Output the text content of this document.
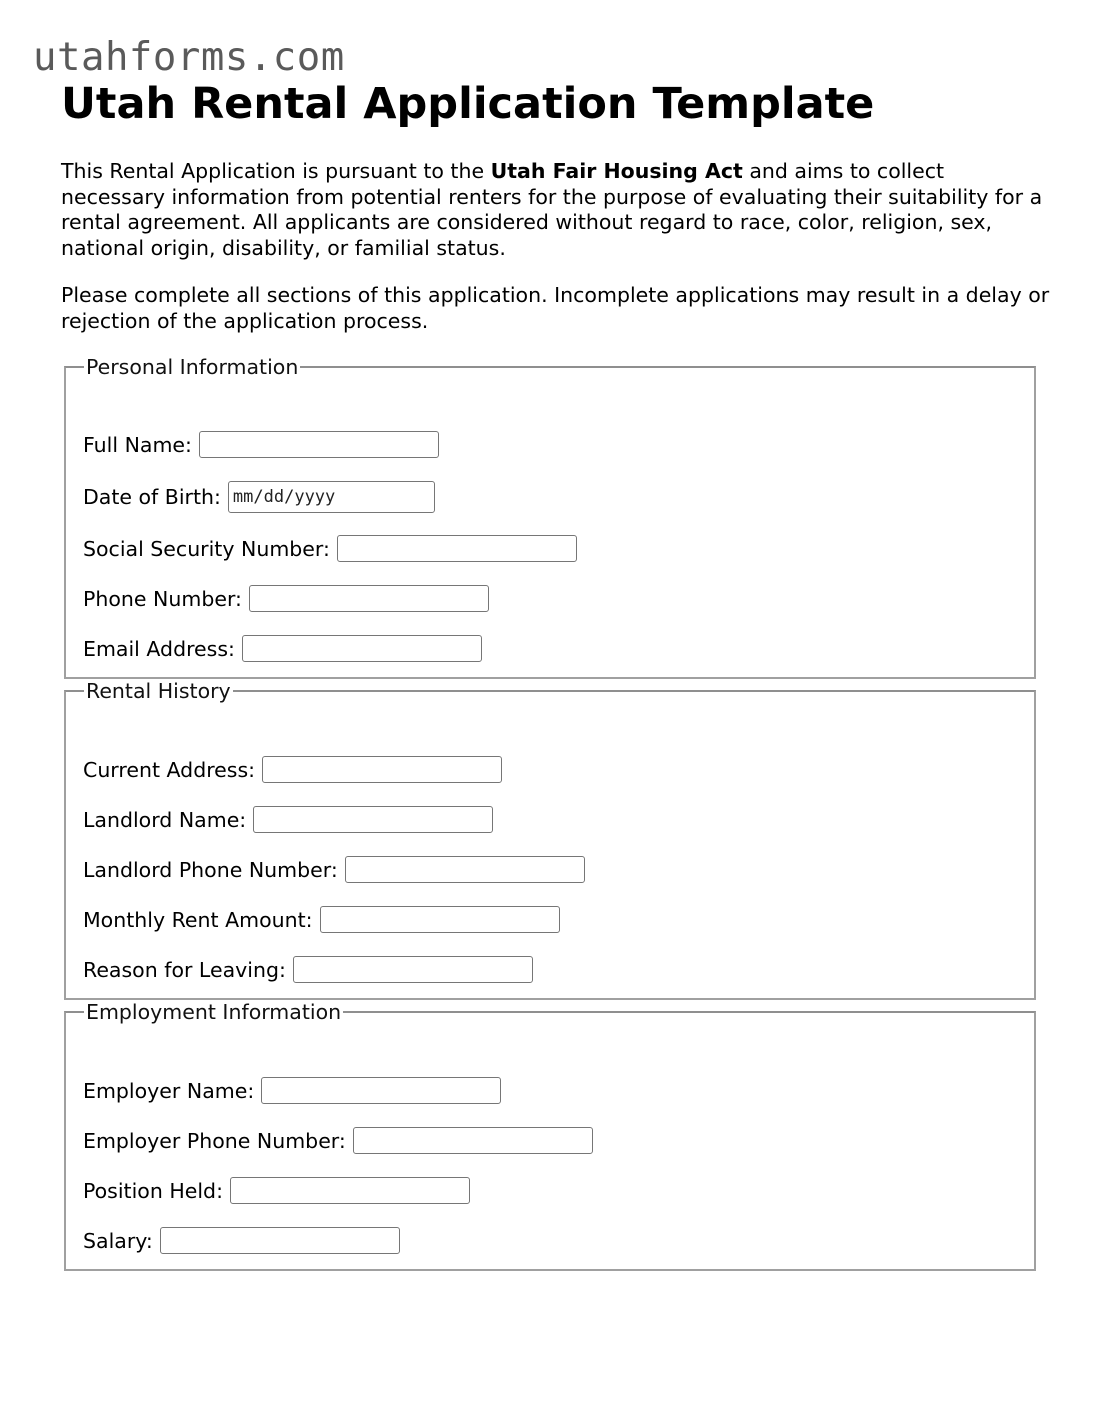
utahforms.com
Utah Rental Application Template

This Rental Application is pursuant to the Utah Fair Housing Act and aims to collect necessary information from potential renters for the purpose of evaluating their suitability for a rental agreement. All applicants are considered without regard to race, color, religion, sex, national origin, disability, or familial status.

Please complete all sections of this application. Incomplete applications may result in a delay or rejection of the application process.

Personal Information
Full Name:
Date of Birth:
mm/dd/yyyy
Social Security Number:
Phone Number:
Email Address:
Rental History
Current Address:
Landlord Name:
Landlord Phone Number:
Monthly Rent Amount:
Reason for Leaving:
Employment Information
Employer Name:
Employer Phone Number:
Position Held:
Salary:
